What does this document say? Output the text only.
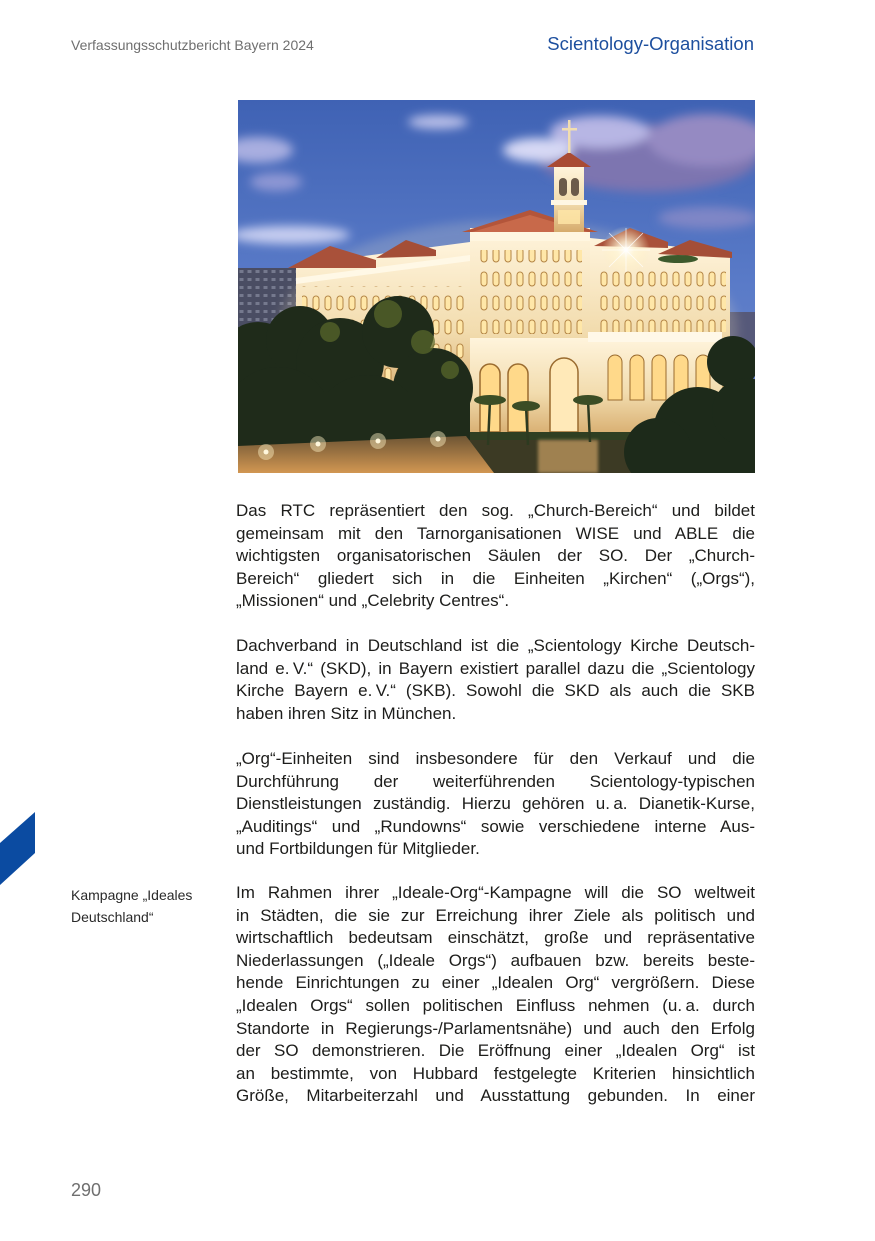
Verfassungsschutzbericht Bayern 2024	Scientology-Organisation
Das RTC repräsentiert den sog. „Church-Bereich“ und bildet
gemeinsam mit den Tarnorganisationen WISE und ABLE die
wichtigsten organisatorischen Säulen der SO. Der „Church-
Bereich“ gliedert sich in die Einheiten „Kirchen“ („Orgs“),
„Missionen“ und „Celebrity Centres“.
Dachverband in Deutschland ist die „Scientology Kirche Deutsch-
land e. V.“ (SKD), in Bayern existiert parallel dazu die „Scientology
Kirche Bayern e. V.“ (SKB). Sowohl die SKD als auch die SKB
haben ihren Sitz in München.
„Org“-Einheiten sind insbesondere für den Verkauf und die
Durchführung der weiterführenden Scientology-typischen
Dienstleistungen zuständig. Hierzu gehören u. a. Dianetik-Kurse,
„Auditings“ und „Rundowns“ sowie verschiedene interne Aus-
und Fortbildungen für Mitglieder.
Im Rahmen ihrer „Ideale-Org“-Kampagne will die SO weltweit
in Städten, die sie zur Erreichung ihrer Ziele als politisch und
wirtschaftlich bedeutsam einschätzt, große und repräsentative
Niederlassungen („Ideale Orgs“) aufbauen bzw. bereits beste-
hende Einrichtungen zu einer „Idealen Org“ vergrößern. Diese
„Idealen Orgs“ sollen politischen Einfluss nehmen (u. a. durch
Standorte in Regierungs-/Parlamentsnähe) und auch den Erfolg
der SO demonstrieren. Die Eröffnung einer „Idealen Org“ ist
an bestimmte, von Hubbard festgelegte Kriterien hinsichtlich
Größe, Mitarbeiterzahl und Ausstattung gebunden. In einer
Kampagne „Ideales
Deutschland“
290
